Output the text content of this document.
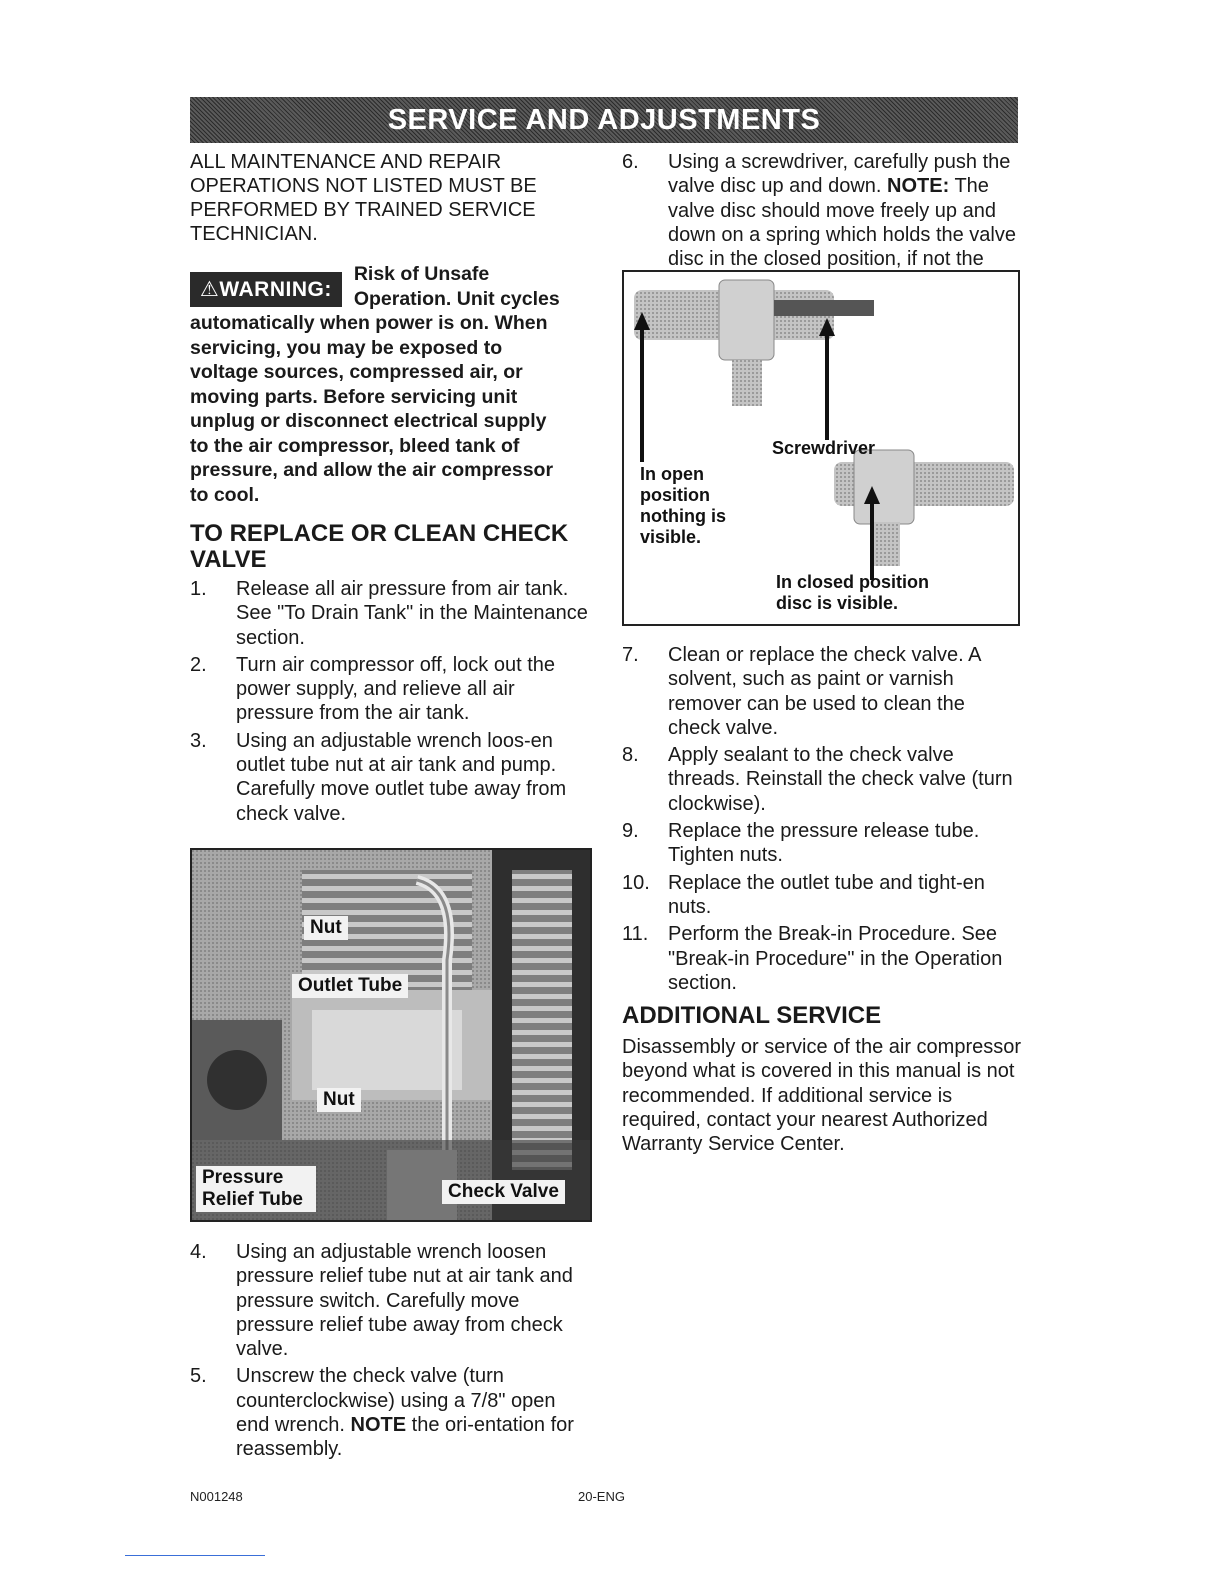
SERVICE AND ADJUSTMENTS

ALL MAINTENANCE AND REPAIR OPERATIONS NOT LISTED MUST BE PERFORMED BY TRAINED SERVICE TECHNICIAN.

⚠WARNING:
Risk of Unsafe Operation. Unit cycles automatically when power is on. When servicing, you may be exposed to voltage sources, compressed air, or moving parts. Before servicing unit unplug or disconnect electrical supply to the air compressor, bleed tank of pressure, and allow the air compressor to cool.
TO REPLACE OR CLEAN CHECK VALVE
1.	Release all air pressure from air tank. See "To Drain Tank" in the Maintenance section.
2.	Turn air compressor off, lock out the power supply, and relieve all air pressure from the air tank.
3.	Using an adjustable wrench loos-en outlet tube nut at air tank and pump. Carefully move outlet tube away from check valve.
Nut
Outlet Tube
Nut
Pressure Relief Tube	Check Valve
4.	Using an adjustable wrench loosen pressure relief tube nut at air tank and pressure switch. Carefully move pressure relief tube away from check valve.
5.	Unscrew the check valve (turn counterclockwise) using a 7/8" open end wrench. NOTE the ori-entation for reassembly.
6.	Using a screwdriver, carefully push the valve disc up and down. NOTE: The valve disc should move freely up and down on a spring which holds the valve disc in the closed position, if not the
Screwdriver
In open position nothing is visible.
In closed position disc is visible.
7.	Clean or replace the check valve. A solvent, such as paint or varnish remover can be used to clean the check valve.
8.	Apply sealant to the check valve threads. Reinstall the check valve (turn clockwise).
9.	Replace the pressure release tube. Tighten nuts.
10. Replace the outlet tube and tight-en nuts.
11. Perform the Break-in Procedure. See "Break-in Procedure" in the Operation section.
ADDITIONAL SERVICE

Disassembly or service of the air compressor beyond what is covered in this manual is not recommended. If additional service is required, contact your nearest Authorized Warranty Service Center.

N001248	20-ENG
